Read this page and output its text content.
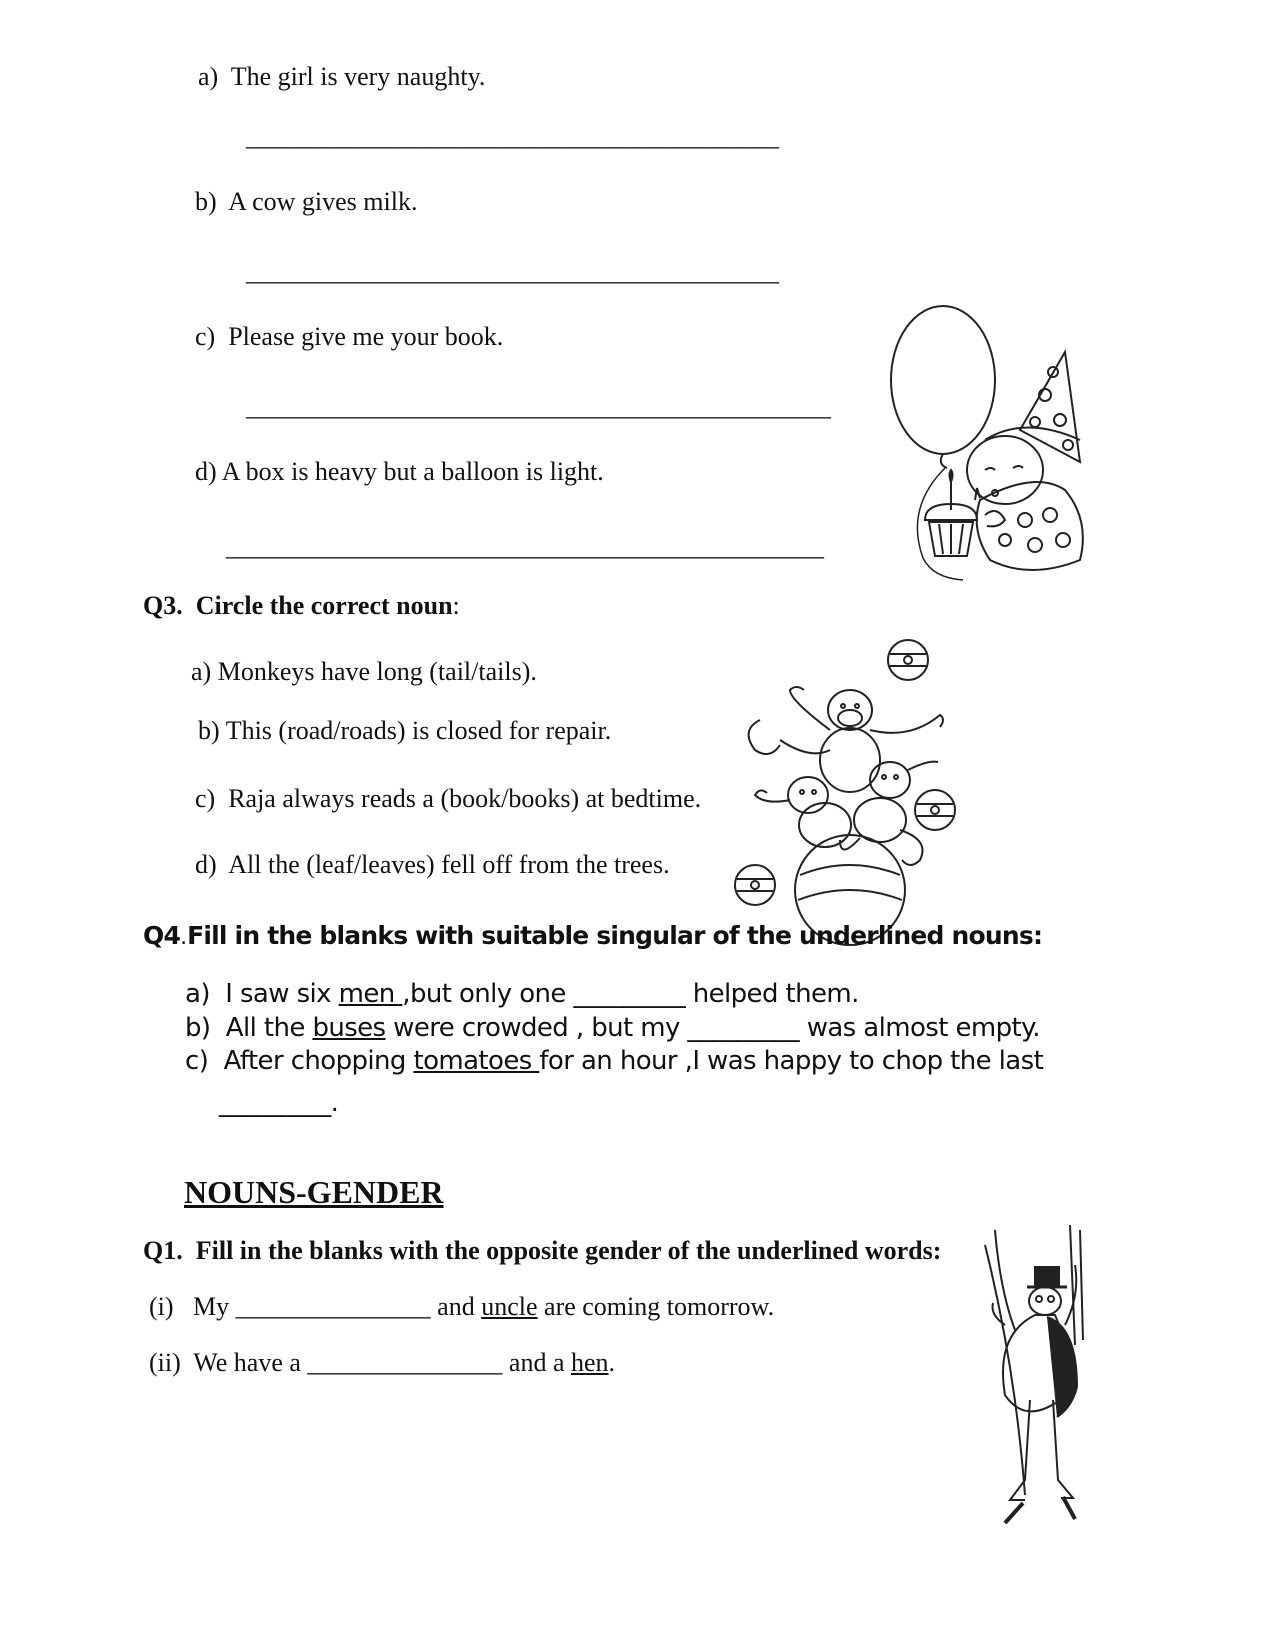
a) The girl is very naughty.
_________________________________________
b) A cow gives milk.
_________________________________________
c) Please give me your book.
_____________________________________________
d) A box is heavy but a balloon is light.
______________________________________________
Q3. Circle the correct noun:
a) Monkeys have long (tail/tails).
b) This (road/roads) is closed for repair.
c) Raja always reads a (book/books) at bedtime.
d) All the (leaf/leaves) fell off from the trees.
Q4.Fill in the blanks with suitable singular of the underlined nouns:
a) I saw six men ,but only one _________ helped them.
b) All the buses were crowded , but my _________ was almost empty.
c) After chopping tomatoes for an hour ,I was happy to chop the last
_________.
NOUNS-GENDER
Q1. Fill in the blanks with the opposite gender of the underlined words:
(i) My _______________ and uncle are coming tomorrow.
(ii) We have a _______________ and a hen.
